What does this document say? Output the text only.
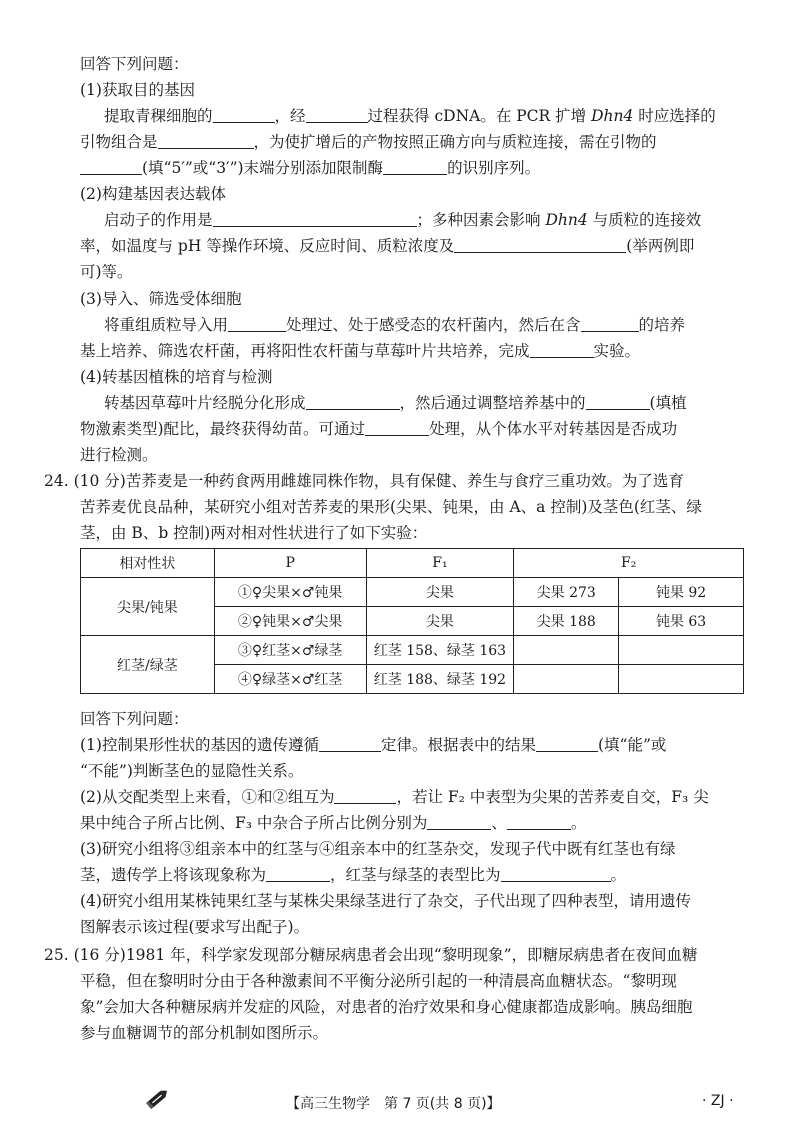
回答下列问题：
(1)获取目的基因
提取青稞细胞的	，经	过程获得 cDNA。在 PCR 扩增 Dhn4 时应选择的
引物组合是	，为使扩增后的产物按照正确方向与质粒连接，需在引物的
(填“5′”或“3′”)末端分别添加限制酶	的识别序列。
(2)构建基因表达载体
启动子的作用是	；多种因素会影响 Dhn4 与质粒的连接效
率，如温度与 pH 等操作环境、反应时间、质粒浓度及	(举两例即
可)等。
(3)导入、筛选受体细胞
将重组质粒导入用	处理过、处于感受态的农杆菌内，然后在含	的培养
基上培养、筛选农杆菌，再将阳性农杆菌与草莓叶片共培养，完成	实验。
(4)转基因植株的培育与检测
转基因草莓叶片经脱分化形成	，然后通过调整培养基中的	(填植
物激素类型)配比，最终获得幼苗。可通过	处理，从个体水平对转基因是否成功
进行检测。
24. (10 分)苦荞麦是一种药食两用雌雄同株作物，具有保健、养生与食疗三重功效。为了选育
苦荞麦优良品种，某研究小组对苦荞麦的果形(尖果、钝果，由 A、a 控制)及茎色(红茎、绿
茎，由 B、b 控制)两对相对性状进行了如下实验：
相对性状	P	F₁	F₂	
尖果/钝果	①♀尖果×♂钝果	尖果	尖果 273	钝果 92
	②♀钝果×♂尖果	尖果	尖果 188	钝果 63
红茎/绿茎	③♀红茎×♂绿茎	红茎 158、绿茎 163		
	④♀绿茎×♂红茎	红茎 188、绿茎 192		
回答下列问题：
(1)控制果形性状的基因的遗传遵循	定律。根据表中的结果	(填“能”或
“不能”)判断茎色的显隐性关系。
(2)从交配类型上来看，①和②组互为	，若让 F₂ 中表型为尖果的苦荞麦自交，F₃ 尖
果中纯合子所占比例、F₃ 中杂合子所占比例分别为	、	。
(3)研究小组将③组亲本中的红茎与④组亲本中的红茎杂交，发现子代中既有红茎也有绿
茎，遗传学上将该现象称为	，红茎与绿茎的表型比为	。
(4)研究小组用某株钝果红茎与某株尖果绿茎进行了杂交，子代出现了四种表型，请用遗传
图解表示该过程(要求写出配子)。
25. (16 分)1981 年，科学家发现部分糖尿病患者会出现“黎明现象”，即糖尿病患者在夜间血糖
平稳，但在黎明时分由于各种激素间不平衡分泌所引起的一种清晨高血糖状态。“黎明现
象”会加大各种糖尿病并发症的风险，对患者的治疗效果和身心健康都造成影响。胰岛细胞
参与血糖调节的部分机制如图所示。
【高三生物学　第 7 页(共 8 页)】	· ZJ ·
